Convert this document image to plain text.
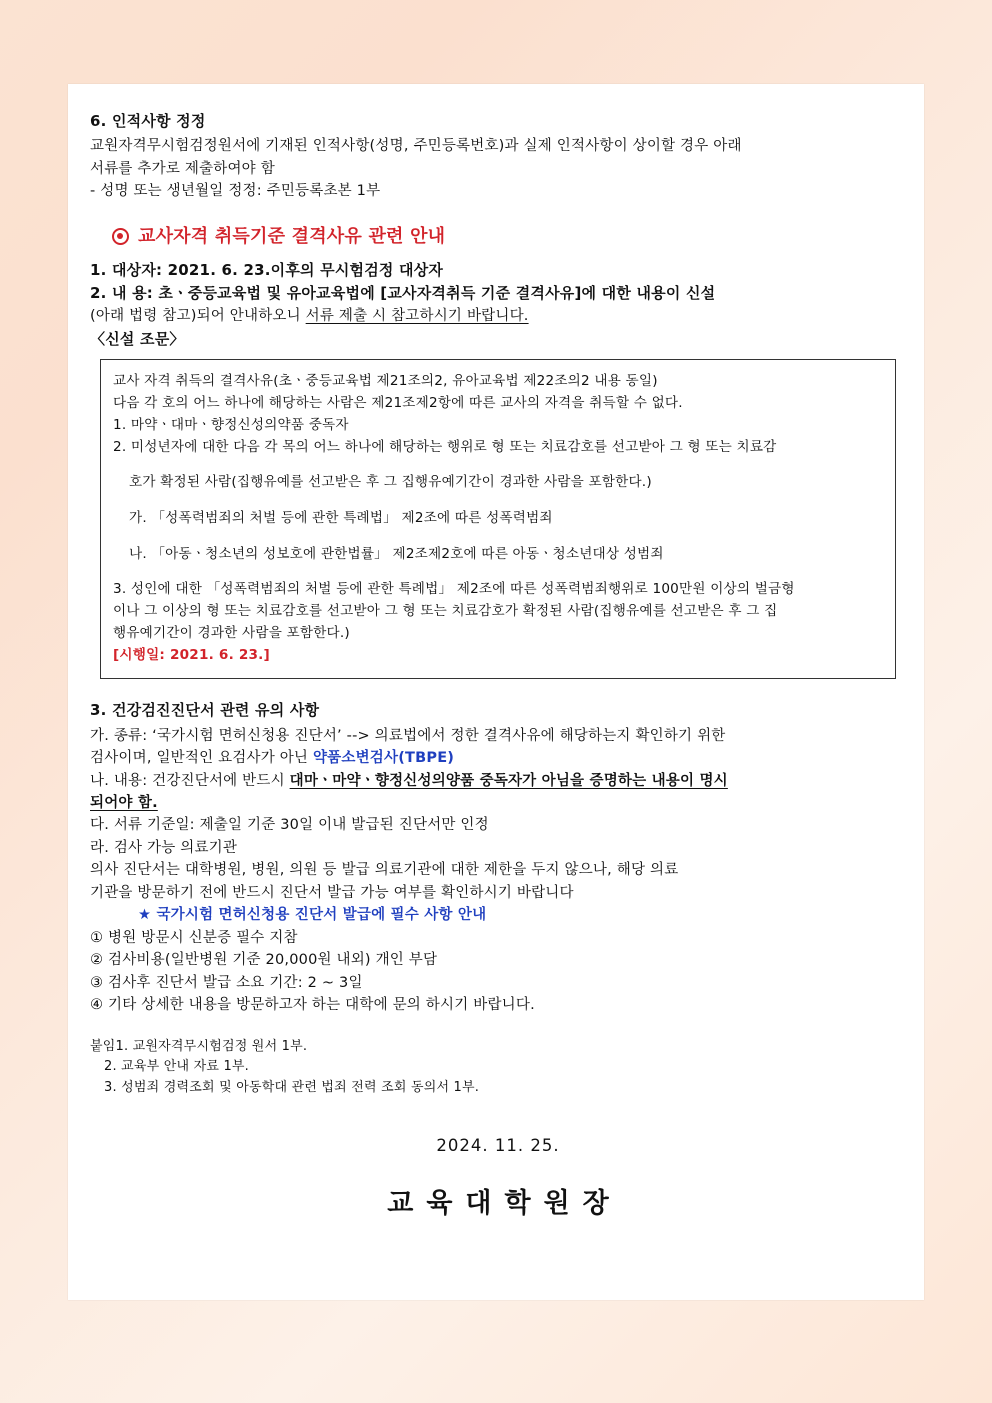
6. 인적사항 정정

교원자격무시험검정원서에 기재된 인적사항(성명, 주민등록번호)과 실제 인적사항이 상이할 경우 아래

서류를 추가로 제출하여야 함

- 성명 또는 생년월일 정정: 주민등록초본 1부

교사자격 취득기준 결격사유 관련 안내

1. 대상자: 2021. 6. 23.이후의 무시험검정 대상자

2. 내 용: 초ㆍ중등교육법 및 유아교육법에 [교사자격취득 기준 결격사유]에 대한 내용이 신설

(아래 법령 참고)되어 안내하오니 서류 제출 시 참고하시기 바랍니다.

〈신설 조문〉

교사 자격 취득의 결격사유(초ㆍ중등교육법 제21조의2, 유아교육법 제22조의2 내용 동일)

다음 각 호의 어느 하나에 해당하는 사람은 제21조제2항에 따른 교사의 자격을 취득할 수 없다.

1. 마약ㆍ대마ㆍ향정신성의약품 중독자

2. 미성년자에 대한 다음 각 목의 어느 하나에 해당하는 행위로 형 또는 치료감호를 선고받아 그 형 또는 치료감

호가 확정된 사람(집행유예를 선고받은 후 그 집행유예기간이 경과한 사람을 포함한다.)

가. 「성폭력범죄의 처벌 등에 관한 특례법」 제2조에 따른 성폭력범죄

나. 「아동ㆍ청소년의 성보호에 관한법률」 제2조제2호에 따른 아동ㆍ청소년대상 성범죄

3. 성인에 대한 「성폭력범죄의 처벌 등에 관한 특례법」 제2조에 따른 성폭력범죄행위로 100만원 이상의 벌금형

이나 그 이상의 형 또는 치료감호를 선고받아 그 형 또는 치료감호가 확정된 사람(집행유예를 선고받은 후 그 집

행유예기간이 경과한 사람을 포함한다.)

[시행일: 2021. 6. 23.]

3. 건강검진진단서 관련 유의 사항

가. 종류: ‘국가시험 면허신청용 진단서’ --> 의료법에서 정한 결격사유에 해당하는지 확인하기 위한

검사이며, 일반적인 요검사가 아닌 약품소변검사(TBPE)

나. 내용: 건강진단서에 반드시 대마ㆍ마약ㆍ향정신성의양품 중독자가 아님을 증명하는 내용이 명시

되어야 함.

다. 서류 기준일: 제출일 기준 30일 이내 발급된 진단서만 인정

라. 검사 가능 의료기관

의사 진단서는 대학병원, 병원, 의원 등 발급 의료기관에 대한 제한을 두지 않으나, 해당 의료

기관을 방문하기 전에 반드시 진단서 발급 가능 여부를 확인하시기 바랍니다

★ 국가시험 면허신청용 진단서 발급에 필수 사항 안내

① 병원 방문시 신분증 필수 지참

② 검사비용(일반병원 기준 20,000원 내외) 개인 부담

③ 검사후 진단서 발급 소요 기간: 2 ~ 3일

④ 기타 상세한 내용을 방문하고자 하는 대학에 문의 하시기 바랍니다.

붙임1. 교원자격무시험검정 원서 1부.

2. 교육부 안내 자료 1부.

3. 성범죄 경력조회 및 아동학대 관련 법죄 전력 조회 동의서 1부.

2024. 11. 25.

교육대학원장
